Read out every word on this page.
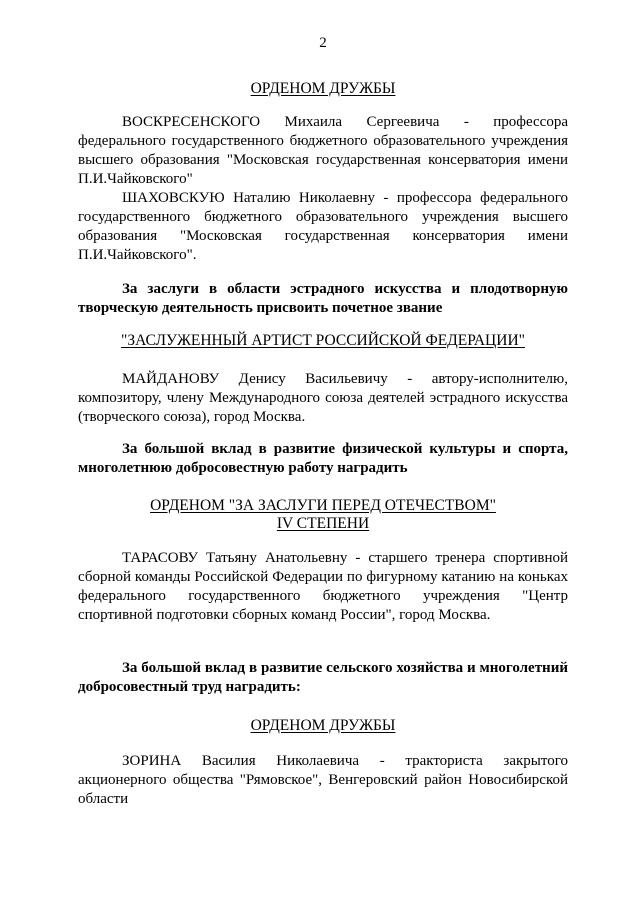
2
ОРДЕНОМ ДРУЖБЫ

ВОСКРЕСЕНСКОГО Михаила Сергеевича - профессора федерального государственного бюджетного образовательного учреждения высшего образования "Московская государственная консерватория имени П.И.Чайковского"

ШАХОВСКУЮ Наталию Николаевну - профессора федерального государственного бюджетного образовательного учреждения высшего образования "Московская государственная консерватория имени П.И.Чайковского".

За заслуги в области эстрадного искусства и плодотворную творческую деятельность присвоить почетное звание

"ЗАСЛУЖЕННЫЙ АРТИСТ РОССИЙСКОЙ ФЕДЕРАЦИИ"

МАЙДАНОВУ Денису Васильевичу - автору-исполнителю, композитору, члену Международного союза деятелей эстрадного искусства (творческого союза), город Москва.

За большой вклад в развитие физической культуры и спорта, многолетнюю добросовестную работу наградить

ОРДЕНОМ "ЗА ЗАСЛУГИ ПЕРЕД ОТЕЧЕСТВОМ"
IV СТЕПЕНИ

ТАРАСОВУ Татьяну Анатольевну - старшего тренера спортивной сборной команды Российской Федерации по фигурному катанию на коньках федерального государственного бюджетного учреждения "Центр спортивной подготовки сборных команд России", город Москва.

За большой вклад в развитие сельского хозяйства и многолетний добросовестный труд наградить:

ОРДЕНОМ ДРУЖБЫ

ЗОРИНА Василия Николаевича - тракториста закрытого акционерного общества "Рямовское", Венгеровский район Новосибирской области
